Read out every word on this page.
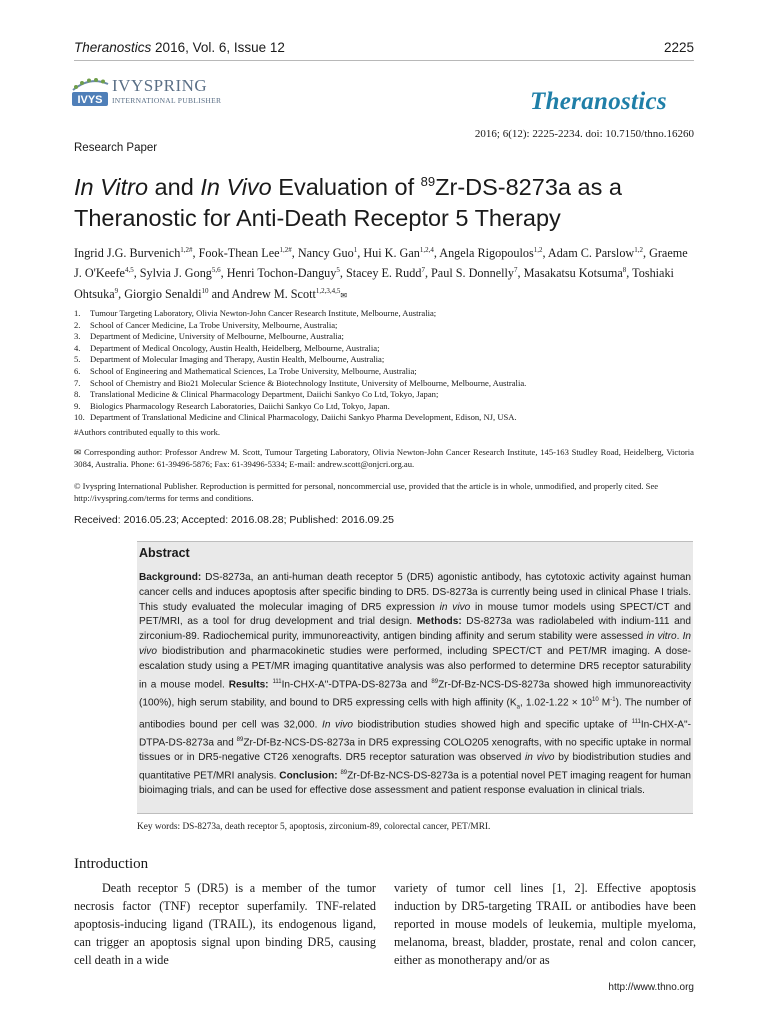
Theranostics 2016, Vol. 6, Issue 12	2225
IVYS
IVYSPRING
INTERNATIONAL PUBLISHER	Theranostics
2016; 6(12): 2225-2234. doi: 10.7150/thno.16260
Research Paper
In Vitro and In Vivo Evaluation of $^{89}$Zr-DS-8273a as a Theranostic for Anti-Death Receptor 5 Therapy
Ingrid J.G. Burvenich$^{1,2\#}$, Fook-Thean Lee$^{1,2\#}$, Nancy Guo$^1$, Hui K. Gan$^{1,2,4}$, Angela Rigopoulos$^{1,2}$, Adam C. Parslow$^{1,2}$, Graeme J. O'Keefe$^{4,5}$, Sylvia J. Gong$^{5,6}$, Henri Tochon-Danguy$^5$, Stacey E. Rudd$^7$, Paul S. Donnelly$^7$, Masakatsu Kotsuma$^8$, Toshiaki Ohtsuka$^9$, Giorgio Senaldi$^{10}$ and Andrew M. Scott$^{1,2,3,4,5}$✉
1.	Tumour Targeting Laboratory, Olivia Newton-John Cancer Research Institute, Melbourne, Australia;
2.	School of Cancer Medicine, La Trobe University, Melbourne, Australia;
3.	Department of Medicine, University of Melbourne, Melbourne, Australia;
4.	Department of Medical Oncology, Austin Health, Heidelberg, Melbourne, Australia;
5.	Department of Molecular Imaging and Therapy, Austin Health, Melbourne, Australia;
6.	School of Engineering and Mathematical Sciences, La Trobe University, Melbourne, Australia;
7.	School of Chemistry and Bio21 Molecular Science & Biotechnology Institute, University of Melbourne, Melbourne, Australia.
8.	Translational Medicine & Clinical Pharmacology Department, Daiichi Sankyo Co Ltd, Tokyo, Japan;
9.	Biologics Pharmacology Research Laboratories, Daiichi Sankyo Co Ltd, Tokyo, Japan.
10. Department of Translational Medicine and Clinical Pharmacology, Daiichi Sankyo Pharma Development, Edison, NJ, USA.
#Authors contributed equally to this work.
✉ Corresponding author: Professor Andrew M. Scott, Tumour Targeting Laboratory, Olivia Newton-John Cancer Research Institute, 145-163 Studley Road, Heidelberg, Victoria 3084, Australia. Phone: 61-39496-5876; Fax: 61-39496-5334; E-mail: andrew.scott@onjcri.org.au.
© Ivyspring International Publisher. Reproduction is permitted for personal, noncommercial use, provided that the article is in whole, unmodified, and properly cited. See http://ivyspring.com/terms for terms and conditions.
Received: 2016.05.23; Accepted: 2016.08.28; Published: 2016.09.25
Abstract

Background: DS-8273a, an anti-human death receptor 5 (DR5) agonistic antibody, has cytotoxic activity against human cancer cells and induces apoptosis after specific binding to DR5. DS-8273a is currently being used in clinical Phase I trials. This study evaluated the molecular imaging of DR5 expression in vivo in mouse tumor models using SPECT/CT and PET/MRI, as a tool for drug development and trial design. Methods: DS-8273a was radiolabeled with indium-111 and zirconium-89. Radiochemical purity, immunoreactivity, antigen binding affinity and serum stability were assessed in vitro. In vivo biodistribution and pharmacokinetic studies were performed, including SPECT/CT and PET/MR imaging. A dose-escalation study using a PET/MR imaging quantitative analysis was also performed to determine DR5 receptor saturability in a mouse model. Results: $^{111}$In-CHX-A"-DTPA-DS-8273a and $^{89}$Zr-Df-Bz-NCS-DS-8273a showed high immunoreactivity (100%), high serum stability, and bound to DR5 expressing cells with high affinity ($K_a$, $1.02-1.22 \times 10^{10}$ $M^{-1}$). The number of antibodies bound per cell was 32,000. In vivo biodistribution studies showed high and specific uptake of $^{111}$In-CHX-A"-DTPA-DS-8273a and $^{89}$Zr-Df-Bz-NCS-DS-8273a in DR5 expressing COLO205 xenografts, with no specific uptake in normal tissues or in DR5-negative CT26 xenografts. DR5 receptor saturation was observed in vivo by biodistribution studies and quantitative PET/MRI analysis. Conclusion: $^{89}$Zr-Df-Bz-NCS-DS-8273a is a potential novel PET imaging reagent for human bioimaging trials, and can be used for effective dose assessment and patient response evaluation in clinical trials.

Key words: DS-8273a, death receptor 5, apoptosis, zirconium-89, colorectal cancer, PET/MRI.
Introduction

Death receptor 5 (DR5) is a member of the tumor necrosis factor (TNF) receptor superfamily. TNF-related apoptosis-inducing ligand (TRAIL), its endogenous ligand, can trigger an apoptosis signal upon binding DR5, causing cell death in a wide

variety of tumor cell lines [1, 2]. Effective apoptosis induction by DR5-targeting TRAIL or antibodies have been reported in mouse models of leukemia, multiple myeloma, melanoma, breast, bladder, prostate, renal and colon cancer, either as monotherapy and/or as

http://www.thno.org
